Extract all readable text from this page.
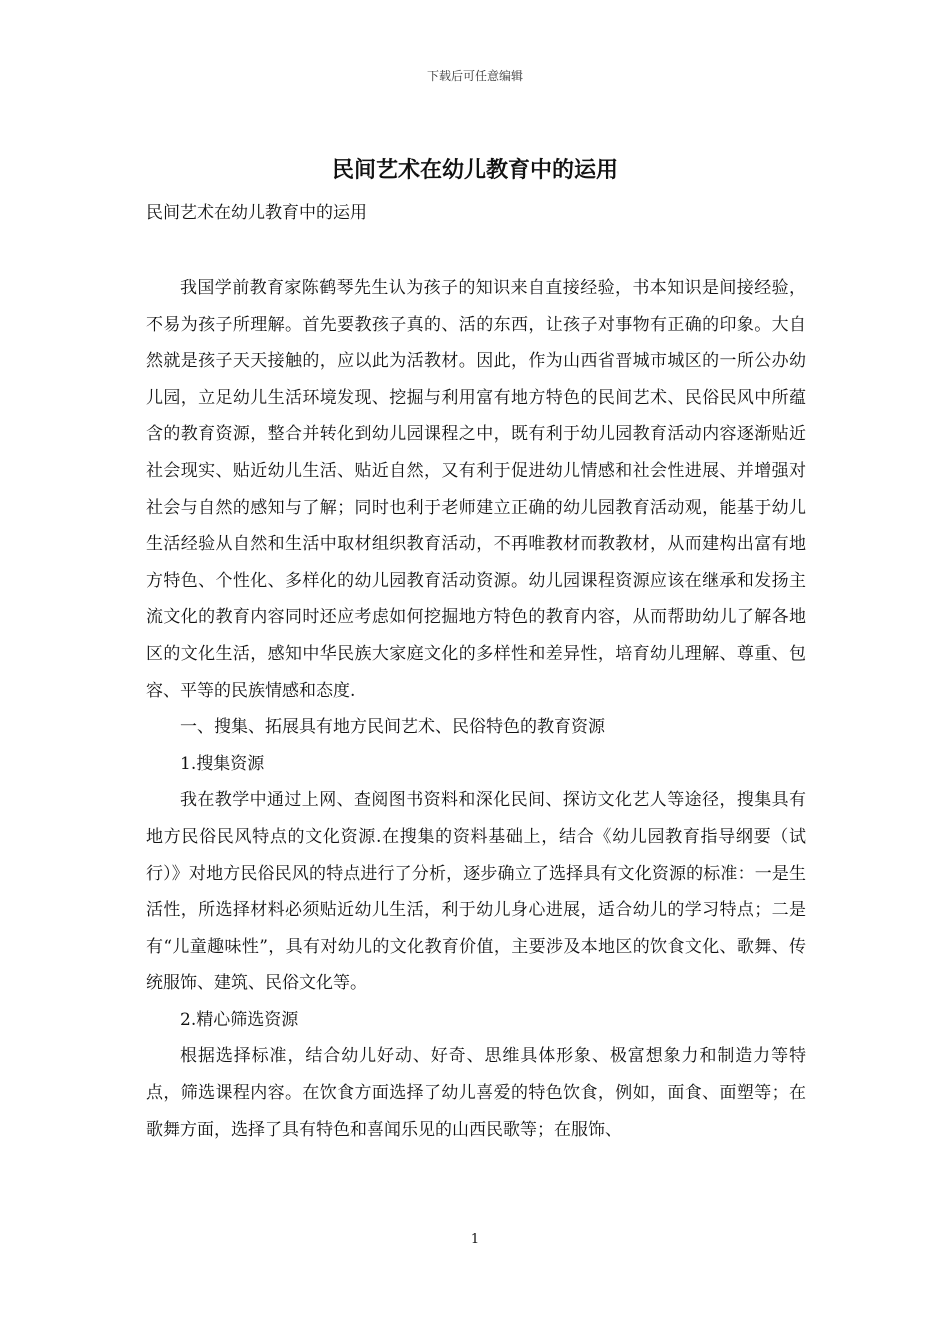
下载后可任意编辑
民间艺术在幼儿教育中的运用

民间艺术在幼儿教育中的运用

我国学前教育家陈鹤琴先生认为孩子的知识来自直接经验，书本知识是间接经验，不易为孩子所理解。首先要教孩子真的、活的东西，让孩子对事物有正确的印象。大自然就是孩子天天接触的，应以此为活教材。因此，作为山西省晋城市城区的一所公办幼儿园，立足幼儿生活环境发现、挖掘与利用富有地方特色的民间艺术、民俗民风中所蕴含的教育资源，整合并转化到幼儿园课程之中，既有利于幼儿园教育活动内容逐渐贴近社会现实、贴近幼儿生活、贴近自然，又有利于促进幼儿情感和社会性进展、并增强对社会与自然的感知与了解；同时也利于老师建立正确的幼儿园教育活动观，能基于幼儿生活经验从自然和生活中取材组织教育活动，不再唯教材而教教材，从而建构出富有地方特色、个性化、多样化的幼儿园教育活动资源。幼儿园课程资源应该在继承和发扬主流文化的教育内容同时还应考虑如何挖掘地方特色的教育内容，从而帮助幼儿了解各地区的文化生活，感知中华民族大家庭文化的多样性和差异性，培育幼儿理解、尊重、包容、平等的民族情感和态度.

一、搜集、拓展具有地方民间艺术、民俗特色的教育资源

1.搜集资源

我在教学中通过上网、查阅图书资料和深化民间、探访文化艺人等途径，搜集具有地方民俗民风特点的文化资源.在搜集的资料基础上，结合《幼儿园教育指导纲要（试行）》对地方民俗民风的特点进行了分析，逐步确立了选择具有文化资源的标准：一是生活性，所选择材料必须贴近幼儿生活，利于幼儿身心进展，适合幼儿的学习特点；二是有“儿童趣味性”，具有对幼儿的文化教育价值，主要涉及本地区的饮食文化、歌舞、传统服饰、建筑、民俗文化等。

2.精心筛选资源

根据选择标准，结合幼儿好动、好奇、思维具体形象、极富想象力和制造力等特点，筛选课程内容。在饮食方面选择了幼儿喜爱的特色饮食，例如，面食、面塑等；在歌舞方面，选择了具有特色和喜闻乐见的山西民歌等；在服饰、

1
